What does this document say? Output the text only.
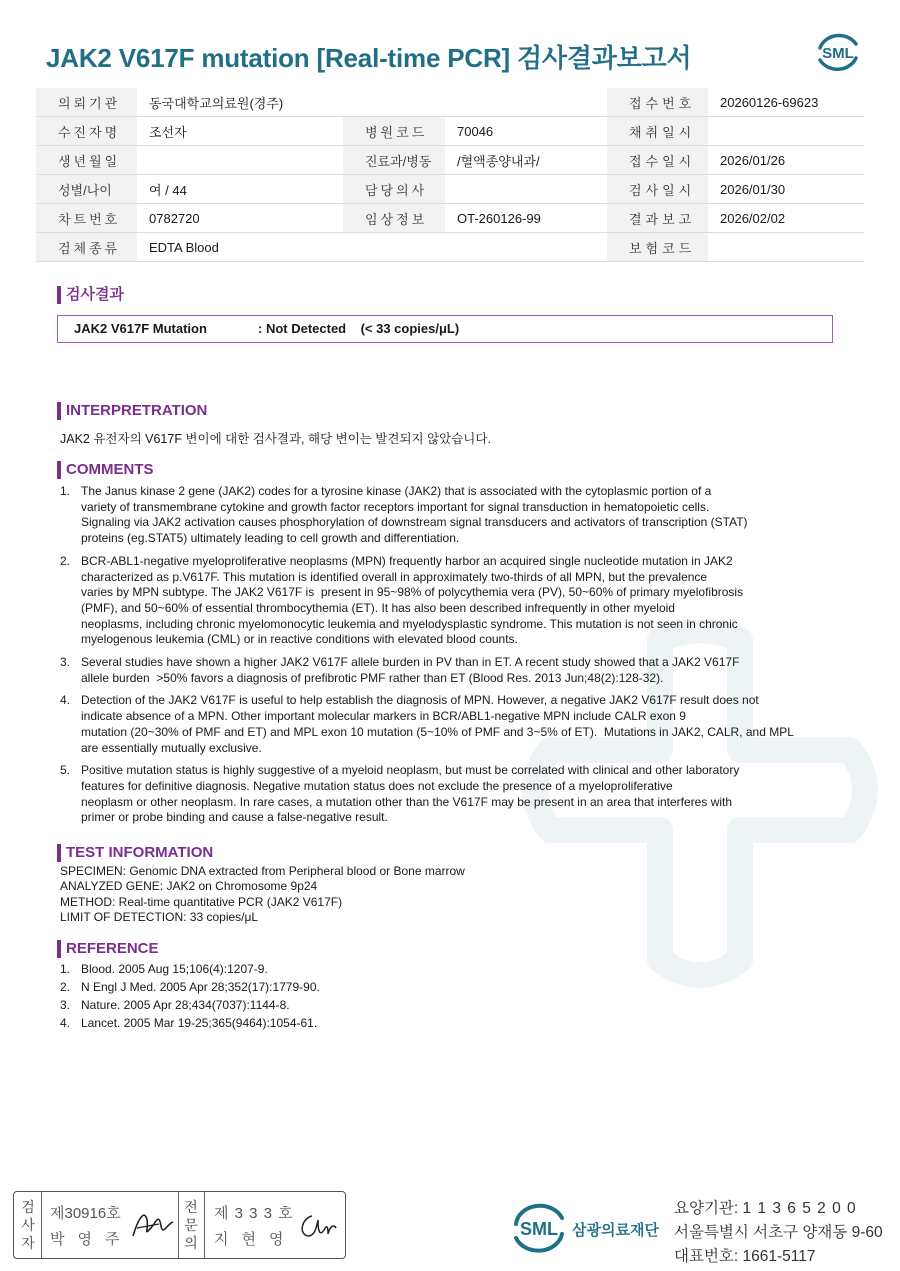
JAK2 V617F mutation [Real-time PCR] 검사결과보고서	SML
의뢰기관	동국대학교의료원(경주)			접수번호	20260126-69623
수진자명	조선자	병원코드	70046	채취일시	
생년월일		진료과/병동	/혈액종양내과/	접수일시	2026/01/26
성별/나이	여 / 44	담당의사		검사일시	2026/01/30
차트번호	0782720	임상정보	OT-260126-99	결과보고	2026/02/02
검체종류	EDTA Blood			보험코드	
검사결과
JAK2 V617F Mutation	: Not Detected    (< 33 copies/μL)
INTERPRETRATION
JAK2 유전자의 V617F 변이에 대한 검사결과, 해당 변이는 발견되지 않았습니다.
COMMENTS
1. The Janus kinase 2 gene (JAK2) codes for a tyrosine kinase (JAK2) that is associated with the cytoplasmic portion of a
variety of transmembrane cytokine and growth factor receptors important for signal transduction in hematopoietic cells.
Signaling via JAK2 activation causes phosphorylation of downstream signal transducers and activators of transcription (STAT)
proteins (eg.STAT5) ultimately leading to cell growth and differentiation.
2. BCR-ABL1-negative myeloproliferative neoplasms (MPN) frequently harbor an acquired single nucleotide mutation in JAK2
characterized as p.V617F. This mutation is identified overall in approximately two-thirds of all MPN, but the prevalence
varies by MPN subtype. The JAK2 V617F is  present in 95~98% of polycythemia vera (PV), 50~60% of primary myelofibrosis
(PMF), and 50~60% of essential thrombocythemia (ET). It has also been described infrequently in other myeloid
neoplasms, including chronic myelomonocytic leukemia and myelodysplastic syndrome. This mutation is not seen in chronic
myelogenous leukemia (CML) or in reactive conditions with elevated blood counts.
3. Several studies have shown a higher JAK2 V617F allele burden in PV than in ET. A recent study showed that a JAK2 V617F
allele burden  >50% favors a diagnosis of prefibrotic PMF rather than ET (Blood Res. 2013 Jun;48(2):128-32).
4. Detection of the JAK2 V617F is useful to help establish the diagnosis of MPN. However, a negative JAK2 V617F result does not
indicate absence of a MPN. Other important molecular markers in BCR/ABL1-negative MPN include CALR exon 9
mutation (20~30% of PMF and ET) and MPL exon 10 mutation (5~10% of PMF and 3~5% of ET).  Mutations in JAK2, CALR, and MPL
are essentially mutually exclusive.
5. Positive mutation status is highly suggestive of a myeloid neoplasm, but must be correlated with clinical and other laboratory
features for definitive diagnosis. Negative mutation status does not exclude the presence of a myeloproliferative
neoplasm or other neoplasm. In rare cases, a mutation other than the V617F may be present in an area that interferes with
primer or probe binding and cause a false-negative result.
TEST INFORMATION
SPECIMEN: Genomic DNA extracted from Peripheral blood or Bone marrow
ANALYZED GENE: JAK2 on Chromosome 9p24
METHOD: Real-time quantitative PCR (JAK2 V617F)
LIMIT OF DETECTION: 33 copies/μL
REFERENCE
1. Blood. 2005 Aug 15;106(4):1207-9.
2. N Engl J Med. 2005 Apr 28;352(17):1779-90.
3. Nature. 2005 Apr 28;434(7037):1144-8.
4. Lancet. 2005 Mar 19-25;365(9464):1054-61.
검
사
자
제30916호
박영주
전
문
의
제 3 3 3 호
지현영
SML 삼광의료재단
요양기관: 1 1 3 6 5 2 0 0
서울특별시 서초구 양재동 9-60
대표번호: 1661-5117
